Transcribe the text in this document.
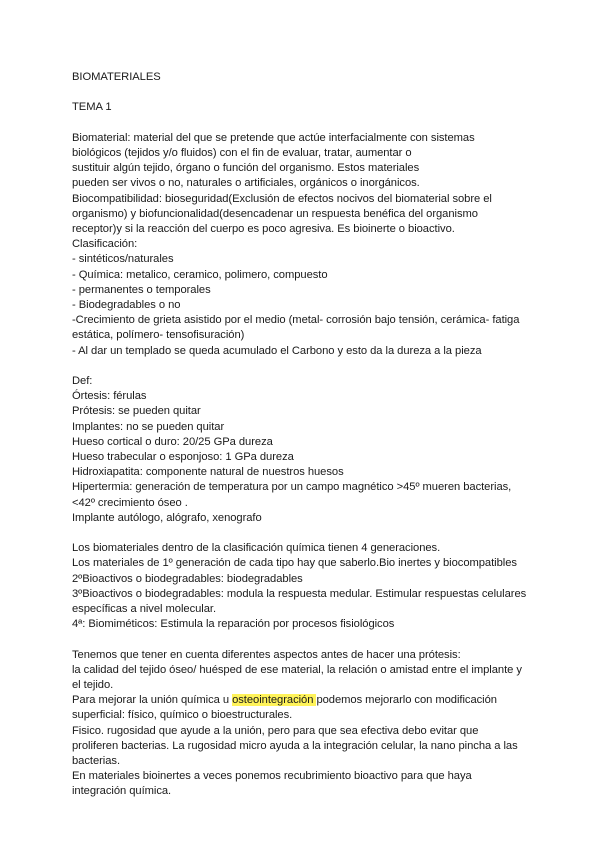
BIOMATERIALES
TEMA 1
Biomaterial: material del que se pretende que actúe interfacialmente con sistemas
biológicos (tejidos y/o fluidos) con el fin de evaluar, tratar, aumentar o
sustituir algún tejido, órgano o función del organismo. Estos materiales
pueden ser vivos o no, naturales o artificiales, orgánicos o inorgánicos.
Biocompatibilidad: bioseguridad(Exclusión de efectos nocivos del biomaterial sobre el
organismo) y biofuncionalidad(desencadenar un respuesta benéfica del organismo
receptor)y si la reacción del cuerpo es poco agresiva. Es bioinerte o bioactivo.
Clasificación:
- sintéticos/naturales
- Química: metalico, ceramico, polimero, compuesto
- permanentes o temporales
- Biodegradables o no
-Crecimiento de grieta asistido por el medio (metal- corrosión bajo tensión, cerámica- fatiga
estática, polímero- tensofisuración)
- Al dar un templado se queda acumulado el Carbono y esto da la dureza a la pieza
Def:
Órtesis: férulas
Prótesis: se pueden quitar
Implantes: no se pueden quitar
Hueso cortical o duro: 20/25 GPa dureza
Hueso trabecular o esponjoso: 1 GPa dureza
Hidroxiapatita: componente natural de nuestros huesos
Hipertermia: generación de temperatura por un campo magnético >45º mueren bacterias,
<42º crecimiento óseo .
Implante autólogo, alógrafo, xenografo
Los biomateriales dentro de la clasificación química tienen 4 generaciones.
Los materiales de 1º generación de cada tipo hay que saberlo.Bio inertes y biocompatibles
2ºBioactivos o biodegradables: biodegradables
3ºBioactivos o biodegradables: modula la respuesta medular. Estimular respuestas celulares
específicas a nivel molecular.
4ª: Biomiméticos: Estimula la reparación por procesos fisiológicos
Tenemos que tener en cuenta diferentes aspectos antes de hacer una prótesis:
la calidad del tejido óseo/ huésped de ese material, la relación o amistad entre el implante y
el tejido.
Para mejorar la unión química u osteointegración podemos mejorarlo con modificación
superficial: físico, químico o bioestructurales.
Fisico. rugosidad que ayude a la unión, pero para que sea efectiva debo evitar que
proliferen bacterias. La rugosidad micro ayuda a la integración celular, la nano pincha a las
bacterias.
En materiales bioinertes a veces ponemos recubrimiento bioactivo para que haya
integración química.
